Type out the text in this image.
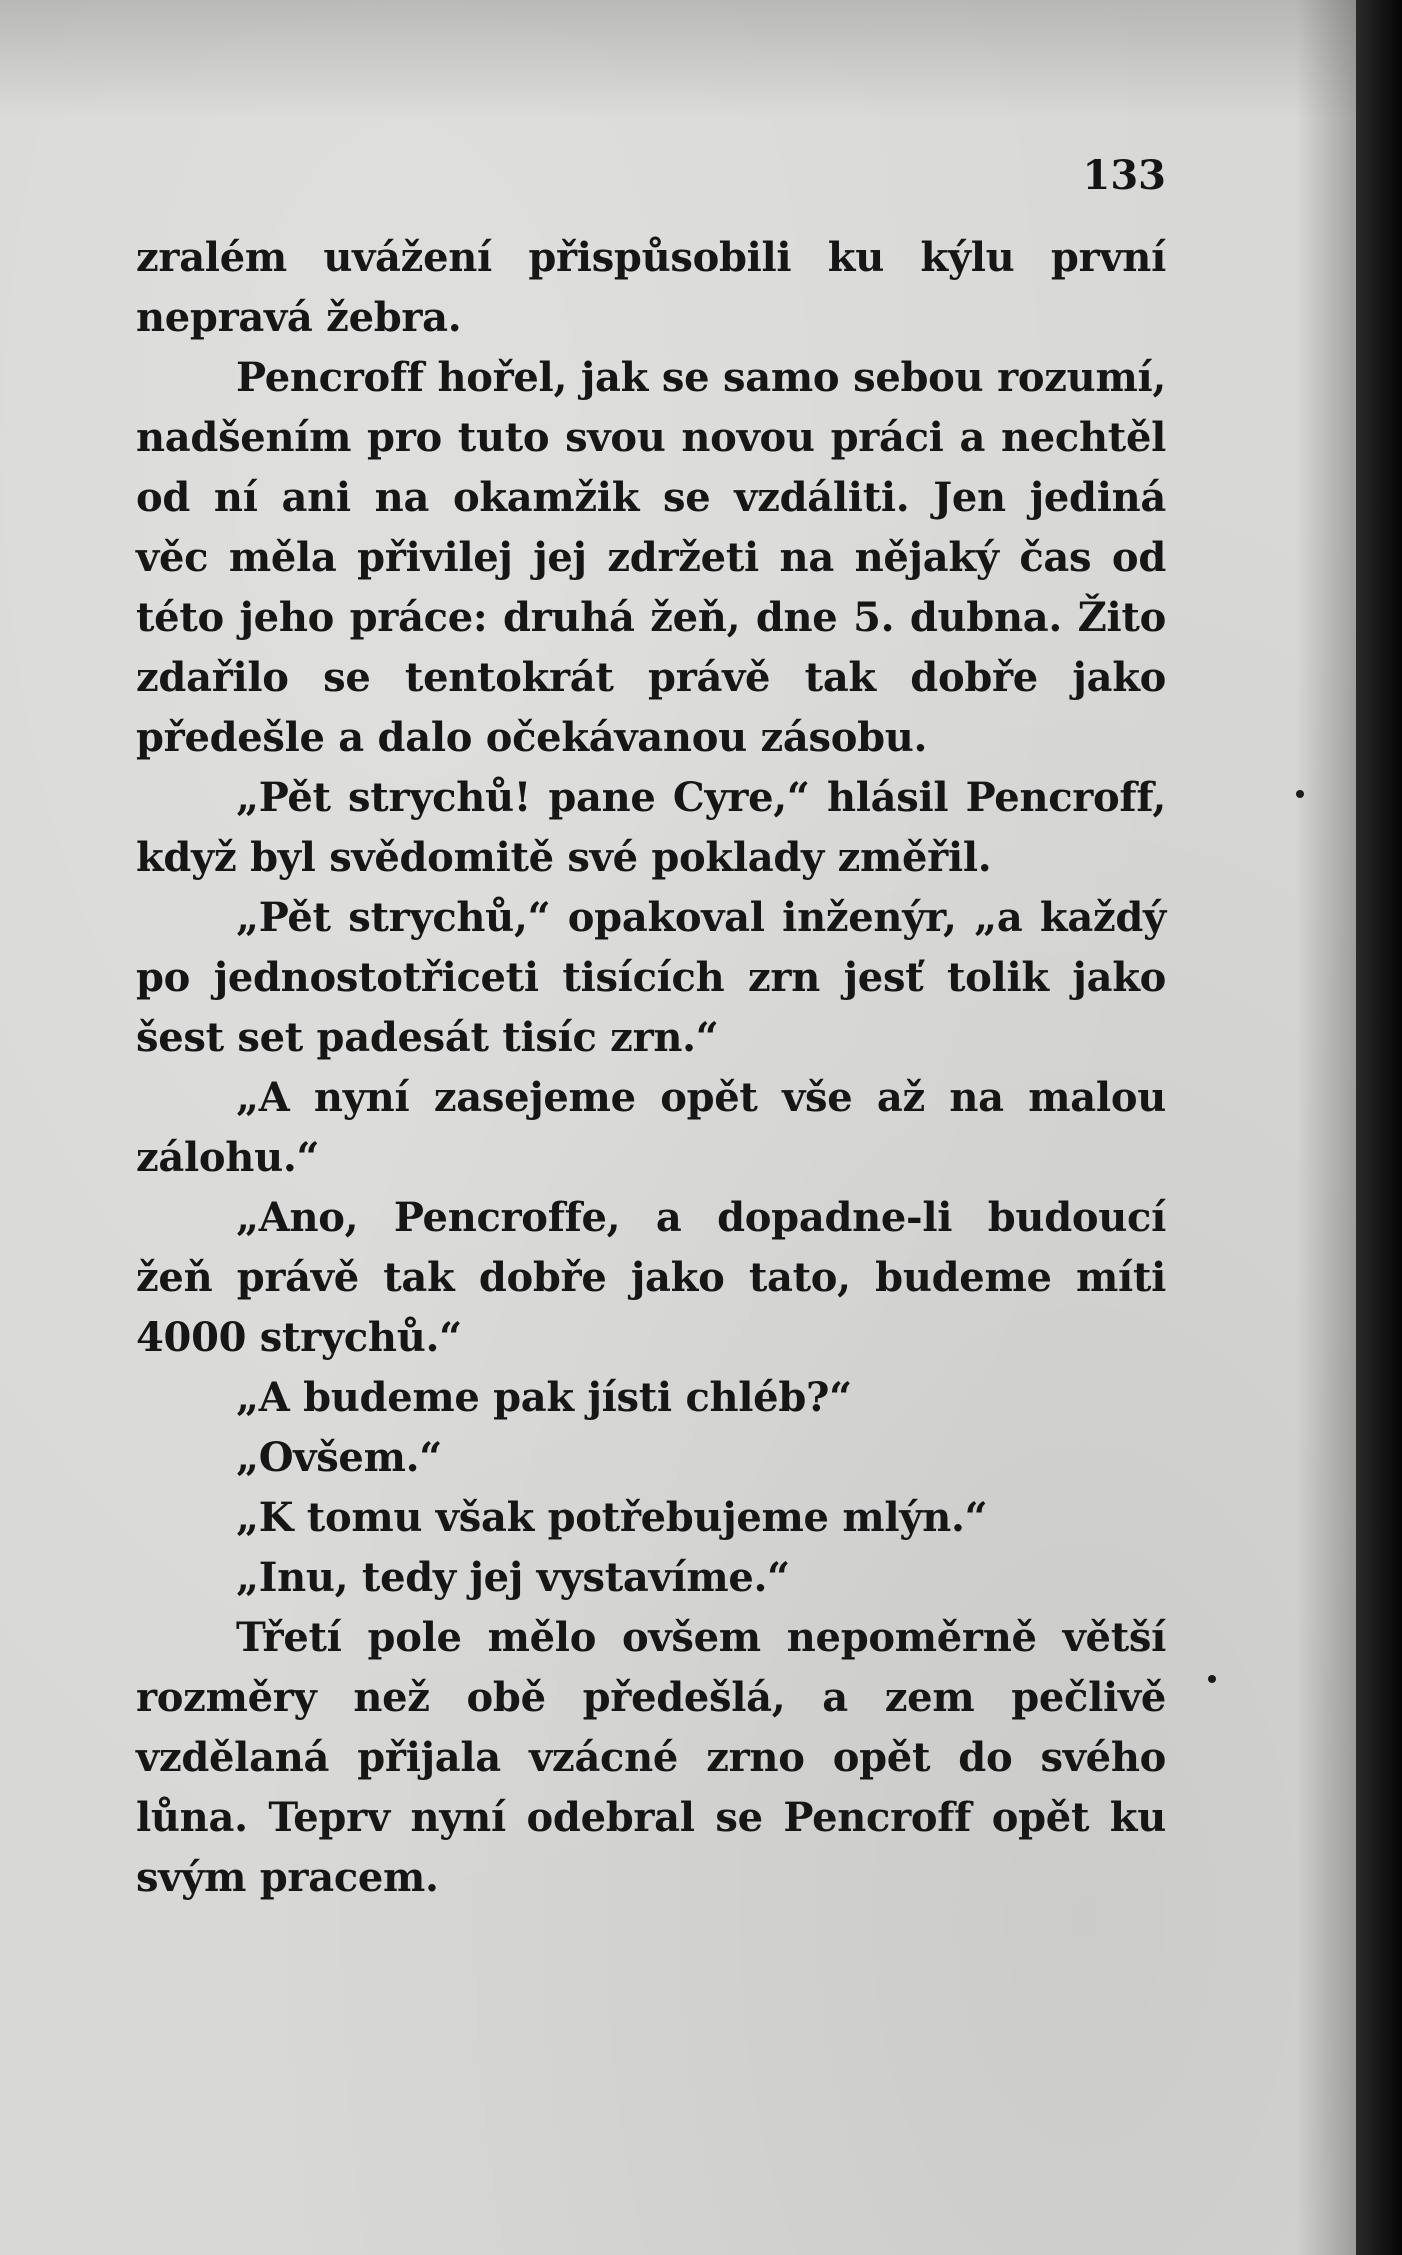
133

zralém uvážení přispůsobili ku kýlu první nepravá žebra.

Pencroff hořel, jak se samo sebou rozumí, nadšením pro tuto svou novou práci a nechtěl od ní ani na okamžik se vzdáliti. Jen jediná věc měla přivilej jej zdržeti na nějaký čas od této jeho práce: druhá žeň, dne 5. dubna. Žito zdařilo se tentokrát právě tak dobře jako předešle a dalo očekávanou zásobu.

„Pět strychů! pane Cyre,“ hlásil Pencroff, když byl svědomitě své poklady změřil.

„Pět strychů,“ opakoval inženýr, „a každý po jednostotřiceti tisících zrn jesť tolik jako šest set padesát tisíc zrn.“

„A nyní zasejeme opět vše až na malou zálohu.“

„Ano, Pencroffe, a dopadne-li budoucí žeň právě tak dobře jako tato, budeme míti 4000 strychů.“

„A budeme pak jísti chléb?“

„Ovšem.“

„K tomu však potřebujeme mlýn.“

„Inu, tedy jej vystavíme.“

Třetí pole mělo ovšem nepoměrně větší rozměry než obě předešlá, a zem pečlivě vzdělaná přijala vzácné zrno opět do svého lůna. Teprv nyní odebral se Pencroff opět ku svým pracem.
